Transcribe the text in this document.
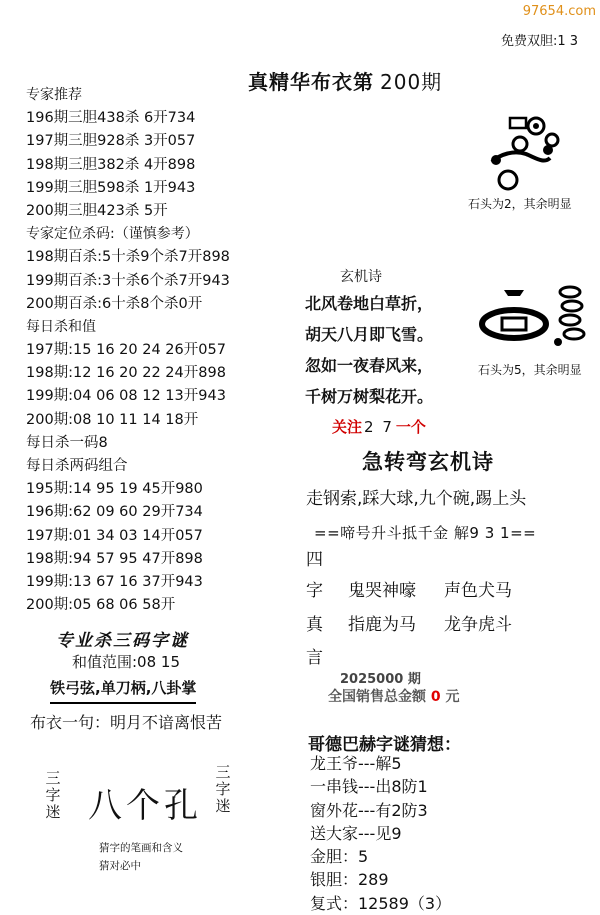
97654.com
免费双胆:1 3
真精华布衣第 200期
专家推荐
196期三胆438杀 6开734
197期三胆928杀 3开057
198期三胆382杀 4开898
199期三胆598杀 1开943
200期三胆423杀 5开
专家定位杀码:（谨慎参考）
198期百杀:5十杀9个杀7开898
199期百杀:3十杀6个杀7开943
200期百杀:6十杀8个杀0开
每日杀和值
197期:15 16 20 24 26开057
198期:12 16 20 22 24开898
199期:04 06 08 12 13开943
200期:08 10 11 14 18开
每日杀一码8
每日杀两码组合
195期:14 95 19 45开980
196期:62 09 60 29开734
197期:01 34 03 14开057
198期:94 57 95 47开898
199期:13 67 16 37开943
200期:05 68 06 58开
专业杀三码字谜
和值范围:08 15
铁弓弦,单刀柄,八卦掌
布衣一句：明月不谙离恨苦
三字迷
三字迷
八个孔
猜字的笔画和含义
猜对必中
石头为2，其余明显
玄机诗
北风卷地白草折，
胡天八月即飞雪。
忽如一夜春风来，
千树万树梨花开。
石头为5，其余明显
关注 2 7 一个
急转弯玄机诗
走钢索,踩大球,九个碗,踢上头
==啼号升斗抵千金 解9 3 1==
四
字 鬼哭神嚎 声色犬马
真 指鹿为马 龙争虎斗
言
2025000 期
全国销售总金额 0 元
哥德巴赫字谜猜想：
龙王爷---解5
一串钱---出8防1
窗外花---有2防3
送大家---见9
金胆：5
银胆：289
复式：12589（3）
